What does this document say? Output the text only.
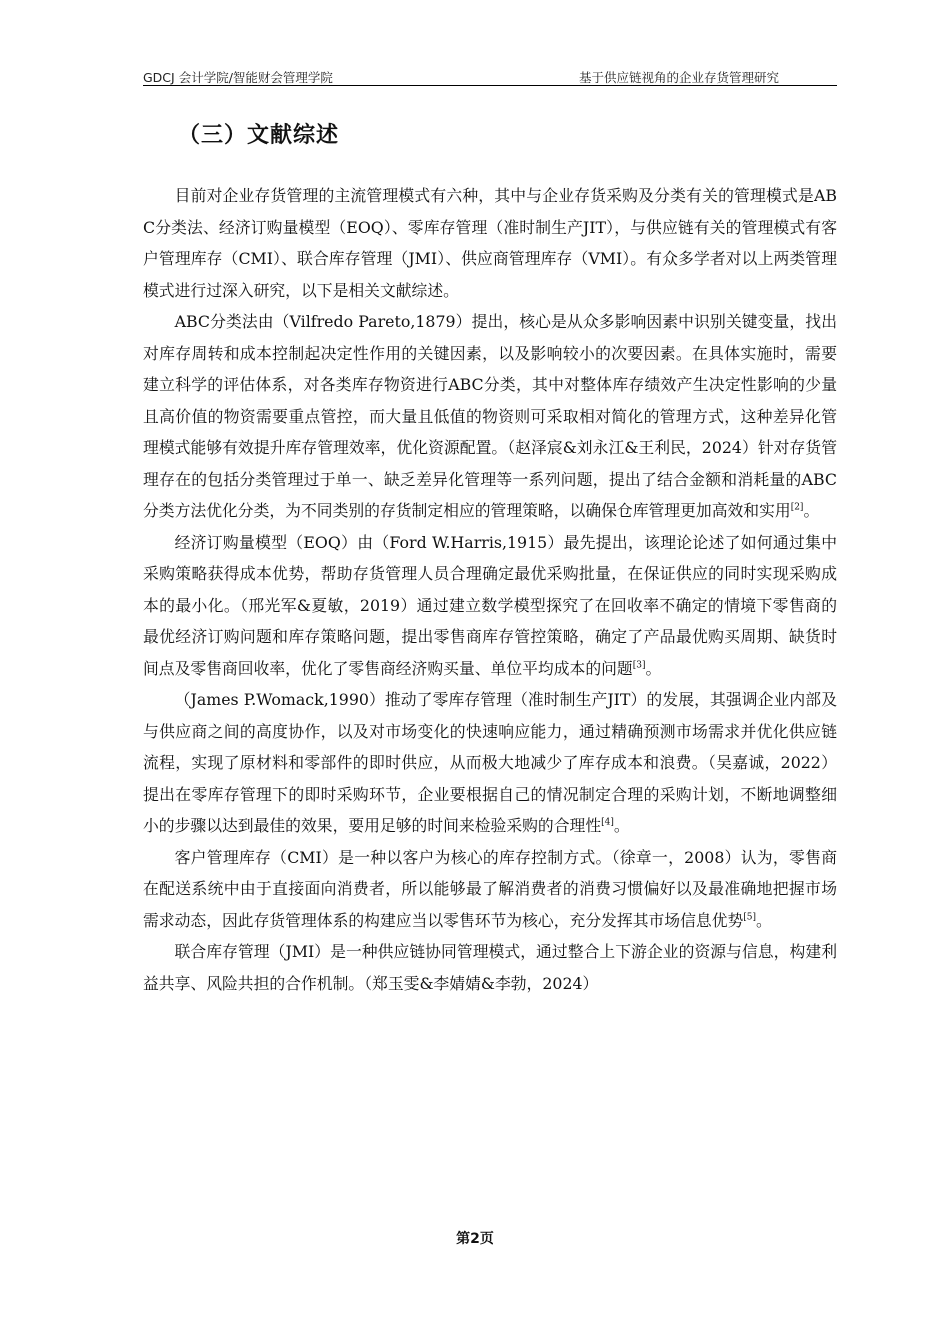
GDCJ 会计学院/智能财会管理学院	基于供应链视角的企业存货管理研究
（三）文献综述

目前对企业存货管理的主流管理模式有六种，其中与企业存货采购及分类有关的管理模式是ABC分类法、经济订购量模型（EOQ）、零库存管理（准时制生产JIT），与供应链有关的管理模式有客户管理库存（CMI）、联合库存管理（JMI）、供应商管理库存（VMI）。有众多学者对以上两类管理模式进行过深入研究，以下是相关文献综述。

ABC分类法由（Vilfredo Pareto,1879）提出，核心是从众多影响因素中识别关键变量，找出对库存周转和成本控制起决定性作用的关键因素，以及影响较小的次要因素。在具体实施时，需要建立科学的评估体系，对各类库存物资进行ABC分类，其中对整体库存绩效产生决定性影响的少量且高价值的物资需要重点管控，而大量且低值的物资则可采取相对简化的管理方式，这种差异化管理模式能够有效提升库存管理效率，优化资源配置。（赵泽宸&刘永江&王利民，2024）针对存货管理存在的包括分类管理过于单一、缺乏差异化管理等一系列问题，提出了结合金额和消耗量的ABC 分类方法优化分类，为不同类别的存货制定相应的管理策略，以确保仓库管理更加高效和实用[2]。

经济订购量模型（EOQ）由（Ford W.Harris,1915）最先提出，该理论论述了如何通过集中采购策略获得成本优势，帮助存货管理人员合理确定最优采购批量，在保证供应的同时实现采购成本的最小化。（邢光军&夏敏，2019）通过建立数学模型探究了在回收率不确定的情境下零售商的最优经济订购问题和库存策略问题，提出零售商库存管控策略，确定了产品最优购买周期、缺货时间点及零售商回收率，优化了零售商经济购买量、单位平均成本的问题[3]。

（James P.Womack,1990）推动了零库存管理（准时制生产JIT）的发展，其强调企业内部及与供应商之间的高度协作，以及对市场变化的快速响应能力，通过精确预测市场需求并优化供应链流程，实现了原材料和零部件的即时供应，从而极大地减少了库存成本和浪费。（吴嘉诚，2022）提出在零库存管理下的即时采购环节，企业要根据自己的情况制定合理的采购计划，不断地调整细小的步骤以达到最佳的效果，要用足够的时间来检验采购的合理性[4]。

客户管理库存（CMI）是一种以客户为核心的库存控制方式。（徐章一，2008）认为，零售商在配送系统中由于直接面向消费者，所以能够最了解消费者的消费习惯偏好以及最准确地把握市场需求动态，因此存货管理体系的构建应当以零售环节为核心，充分发挥其市场信息优势[5]。

联合库存管理（JMI）是一种供应链协同管理模式，通过整合上下游企业的资源与信息，构建利益共享、风险共担的合作机制。（郑玉雯&李婧婧&李勃，2024）

第2页
